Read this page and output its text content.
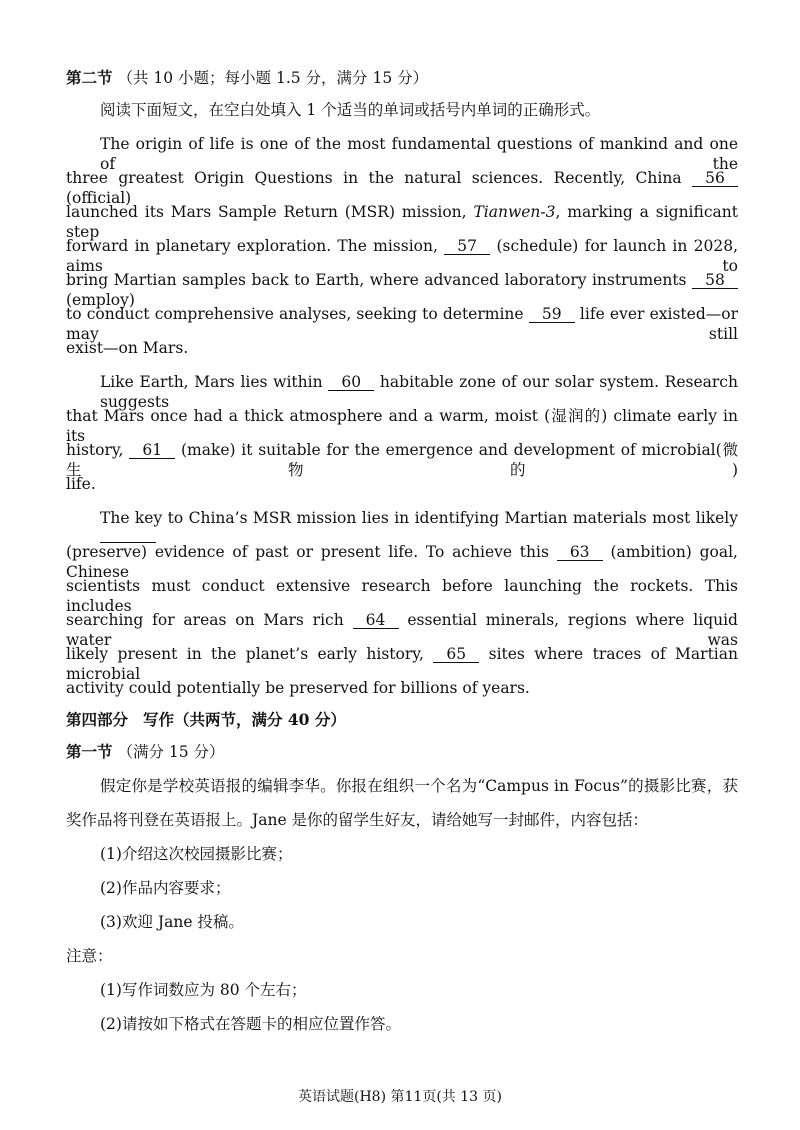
第二节 （共 10 小题；每小题 1.5 分，满分 15 分）
阅读下面短文，在空白处填入 1 个适当的单词或括号内单词的正确形式。
The origin of life is one of the most fundamental questions of mankind and one of the
three greatest Origin Questions in the natural sciences. Recently, China 56 (official)
launched its Mars Sample Return (MSR) mission, Tianwen-3, marking a significant step
forward in planetary exploration. The mission, 57 (schedule) for launch in 2028, aims to
bring Martian samples back to Earth, where advanced laboratory instruments 58 (employ)
to conduct comprehensive analyses, seeking to determine 59 life ever existed—or may still
exist—on Mars.
Like Earth, Mars lies within 60 habitable zone of our solar system. Research suggests
that Mars once had a thick atmosphere and a warm, moist (湿润的) climate early in its
history, 61 (make) it suitable for the emergence and development of microbial(微生物的)
life.
The key to China’s MSR mission lies in identifying Martian materials most likely
(preserve) evidence of past or present life. To achieve this 63 (ambition) goal, Chinese
scientists must conduct extensive research before launching the rockets. This includes
searching for areas on Mars rich 64 essential minerals, regions where liquid water was
likely present in the planet’s early history, 65 sites where traces of Martian microbial
activity could potentially be preserved for billions of years.
第四部分 写作（共两节，满分 40 分）
第一节 （满分 15 分）
假定你是学校英语报的编辑李华。你报在组织一个名为“Campus in Focus”的摄影比赛，获
奖作品将刊登在英语报上。Jane 是你的留学生好友，请给她写一封邮件，内容包括：
(1)介绍这次校园摄影比赛；
(2)作品内容要求；
(3)欢迎 Jane 投稿。
注意：
(1)写作词数应为 80 个左右；
(2)请按如下格式在答题卡的相应位置作答。
英语试题(H8) 第11页(共 13 页)
